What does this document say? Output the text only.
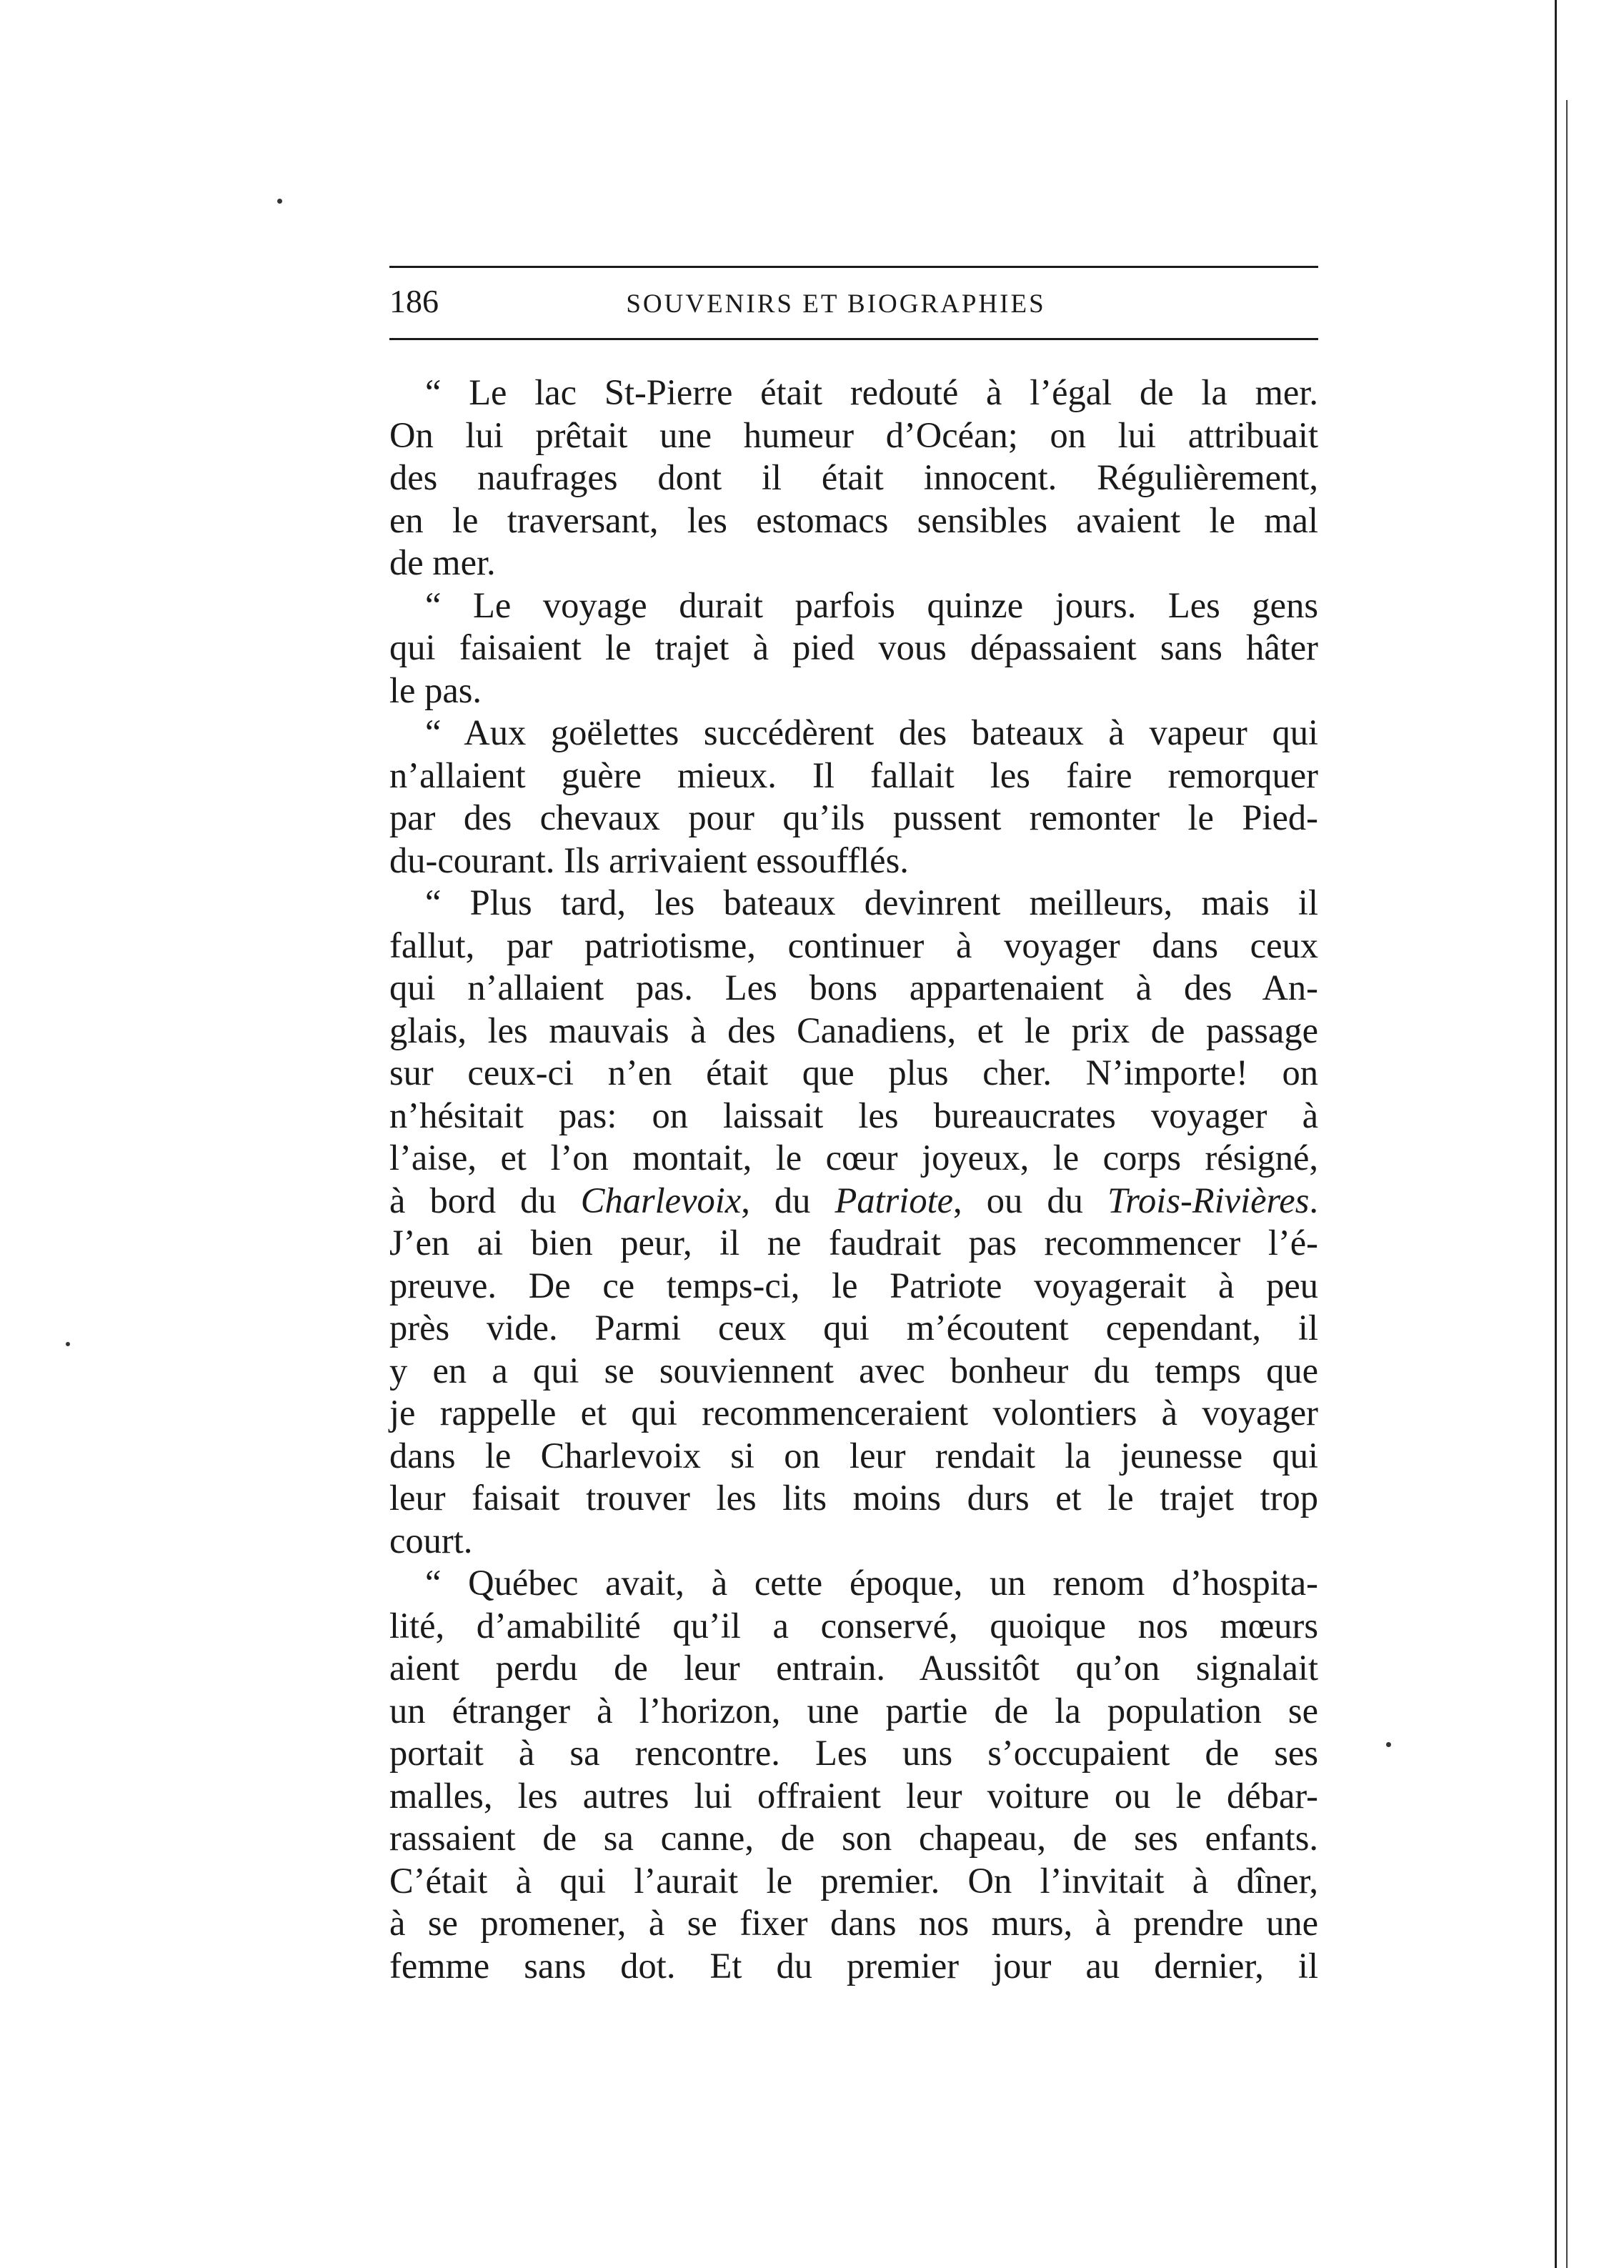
186	SOUVENIRS ET BIOGRAPHIES
“ Le lac St-Pierre était redouté à l’égal de la mer.
On lui prêtait une humeur d’Océan; on lui attribuait
des naufrages dont il était innocent. Régulièrement,
en le traversant, les estomacs sensibles avaient le mal
de mer.
“ Le voyage durait parfois quinze jours. Les gens
qui faisaient le trajet à pied vous dépassaient sans hâter
le pas.
“ Aux goëlettes succédèrent des bateaux à vapeur qui
n’allaient guère mieux. Il fallait les faire remorquer
par des chevaux pour qu’ils pussent remonter le Pied-
du-courant. Ils arrivaient essoufflés.
“ Plus tard, les bateaux devinrent meilleurs, mais il
fallut, par patriotisme, continuer à voyager dans ceux
qui n’allaient pas. Les bons appartenaient à des An-
glais, les mauvais à des Canadiens, et le prix de passage
sur ceux-ci n’en était que plus cher. N’importe! on
n’hésitait pas: on laissait les bureaucrates voyager à
l’aise, et l’on montait, le cœur joyeux, le corps résigné,
à bord du Charlevoix, du Patriote, ou du Trois-Rivières.
J’en ai bien peur, il ne faudrait pas recommencer l’é-
preuve. De ce temps-ci, le Patriote voyagerait à peu
près vide. Parmi ceux qui m’écoutent cependant, il
y en a qui se souviennent avec bonheur du temps que
je rappelle et qui recommenceraient volontiers à voyager
dans le Charlevoix si on leur rendait la jeunesse qui
leur faisait trouver les lits moins durs et le trajet trop
court.
“ Québec avait, à cette époque, un renom d’hospita-
lité, d’amabilité qu’il a conservé, quoique nos mœurs
aient perdu de leur entrain. Aussitôt qu’on signalait
un étranger à l’horizon, une partie de la population se
portait à sa rencontre. Les uns s’occupaient de ses
malles, les autres lui offraient leur voiture ou le débar-
rassaient de sa canne, de son chapeau, de ses enfants.
C’était à qui l’aurait le premier. On l’invitait à dîner,
à se promener, à se fixer dans nos murs, à prendre une
femme sans dot. Et du premier jour au dernier, il
